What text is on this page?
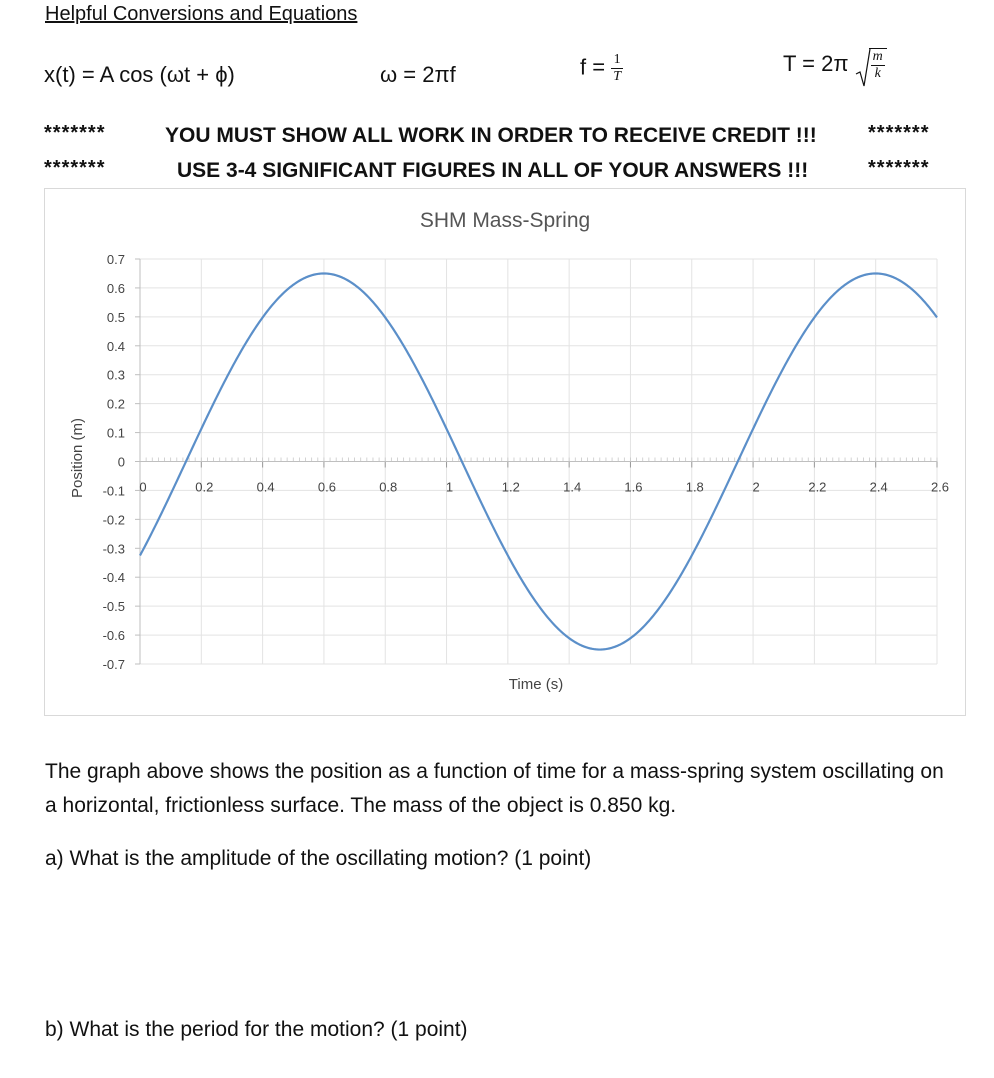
Helpful Conversions and Equations
x(t) = A cos (ωt + ϕ)	ω = 2πf	$f = \frac{1}{T}$	$T = 2\pi \frac{m}{k}$
*******	YOU MUST SHOW ALL WORK IN ORDER TO RECEIVE CREDIT !!!	*******
*******	USE 3-4 SIGNIFICANT FIGURES IN ALL OF YOUR ANSWERS !!!	*******
0.7
0.6
0.5
0.4
0.3
0.2
0.1
0
-0.1
-0.2
-0.3
-0.4
-0.5
-0.6
-0.7
0	0.2	0.4	0.6	0.8	1	1.2	1.4	1.6	1.8	2	2.2	2.4	2.6
SHM Mass-Spring
Time (s)
Position (m)
The graph above shows the position as a function of time for a mass-spring system oscillating on a horizontal, frictionless surface. The mass of the object is 0.850 kg.
a) What is the amplitude of the oscillating motion? (1 point)
b) What is the period for the motion? (1 point)
